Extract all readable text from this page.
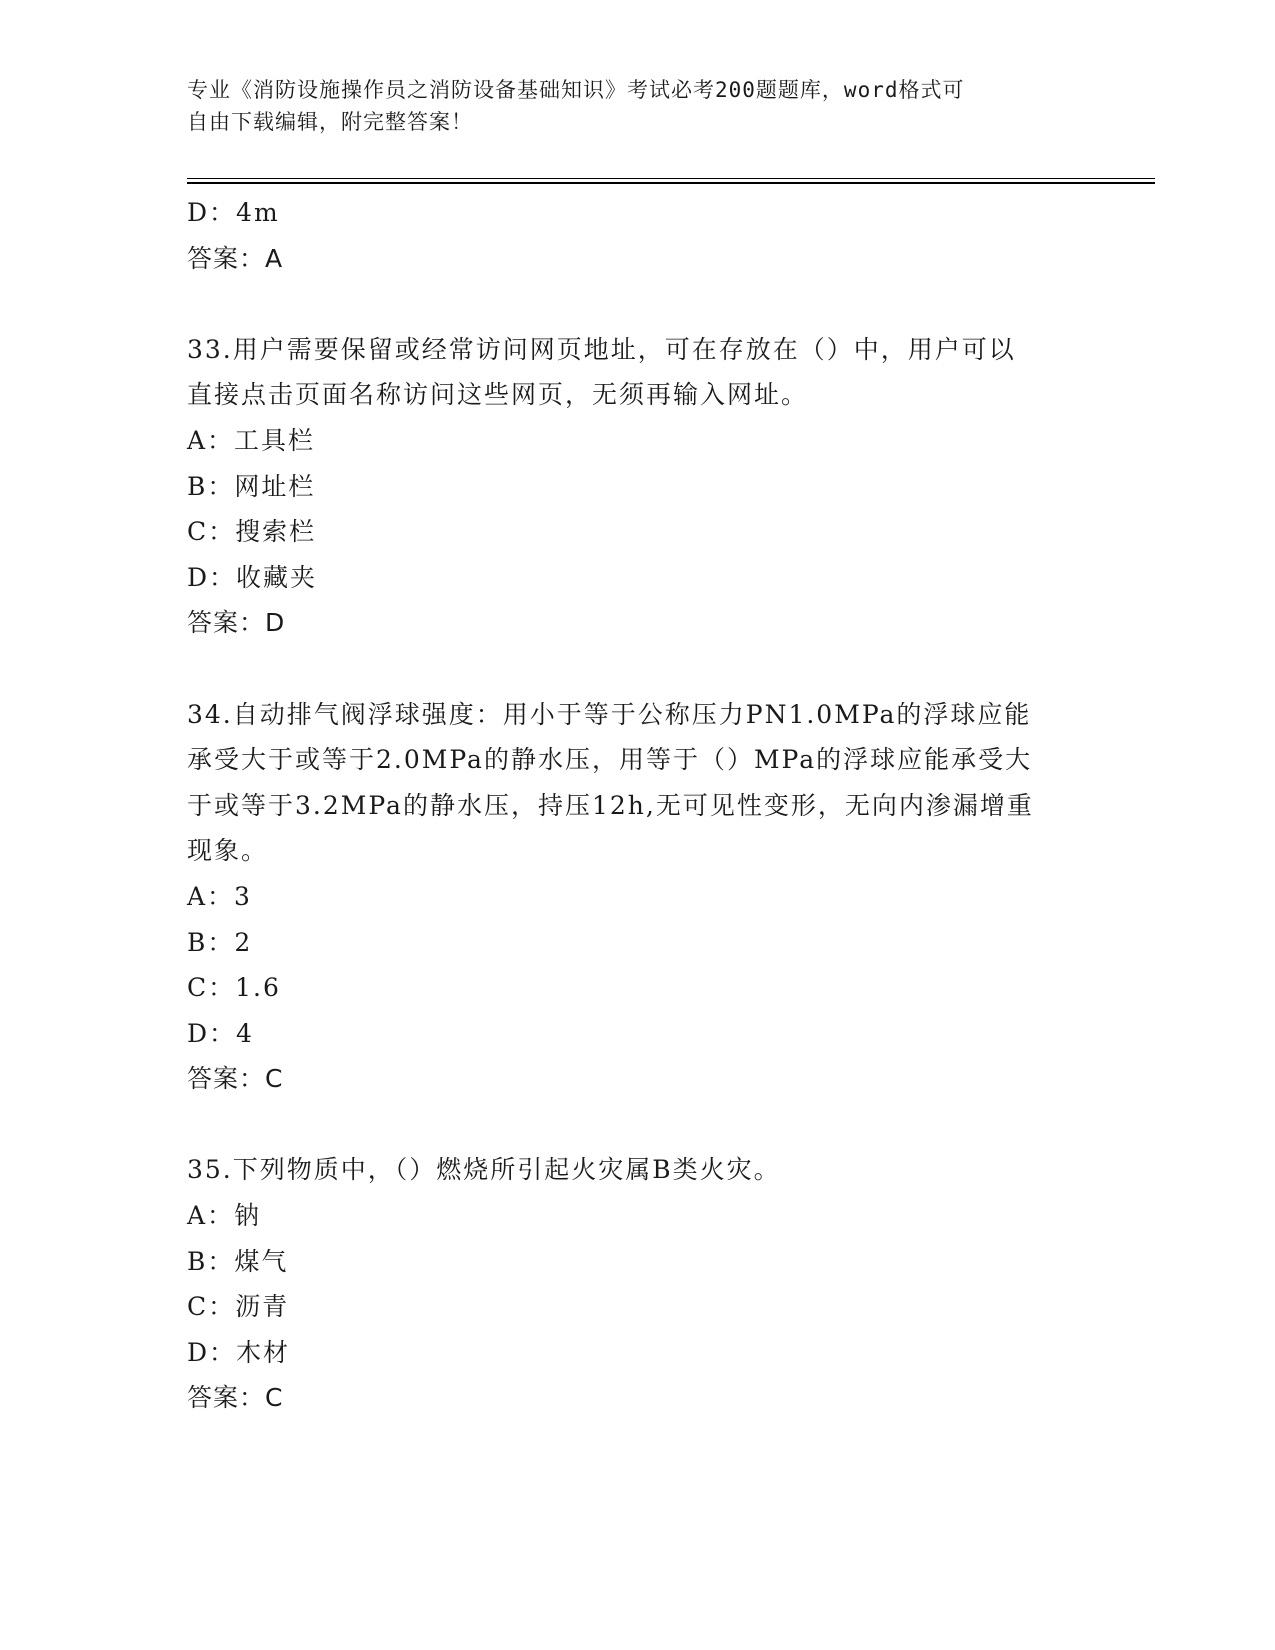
专业《消防设施操作员之消防设备基础知识》考试必考200题题库，word格式可
自由下载编辑，附完整答案！
D：4m
答案：A
33.用户需要保留或经常访问网页地址，可在存放在（）中，用户可以
直接点击页面名称访问这些网页，无须再输入网址。
A：工具栏
B：网址栏
C：搜索栏
D：收藏夹
答案：D
34.自动排气阀浮球强度：用小于等于公称压力PN1.0MPa的浮球应能
承受大于或等于2.0MPa的静水压，用等于（）MPa的浮球应能承受大
于或等于3.2MPa的静水压，持压12h,无可见性变形，无向内渗漏增重
现象。
A：3
B：2
C：1.6
D：4
答案：C
35.下列物质中，（）燃烧所引起火灾属B类火灾。
A：钠
B：煤气
C：沥青
D：木材
答案：C
